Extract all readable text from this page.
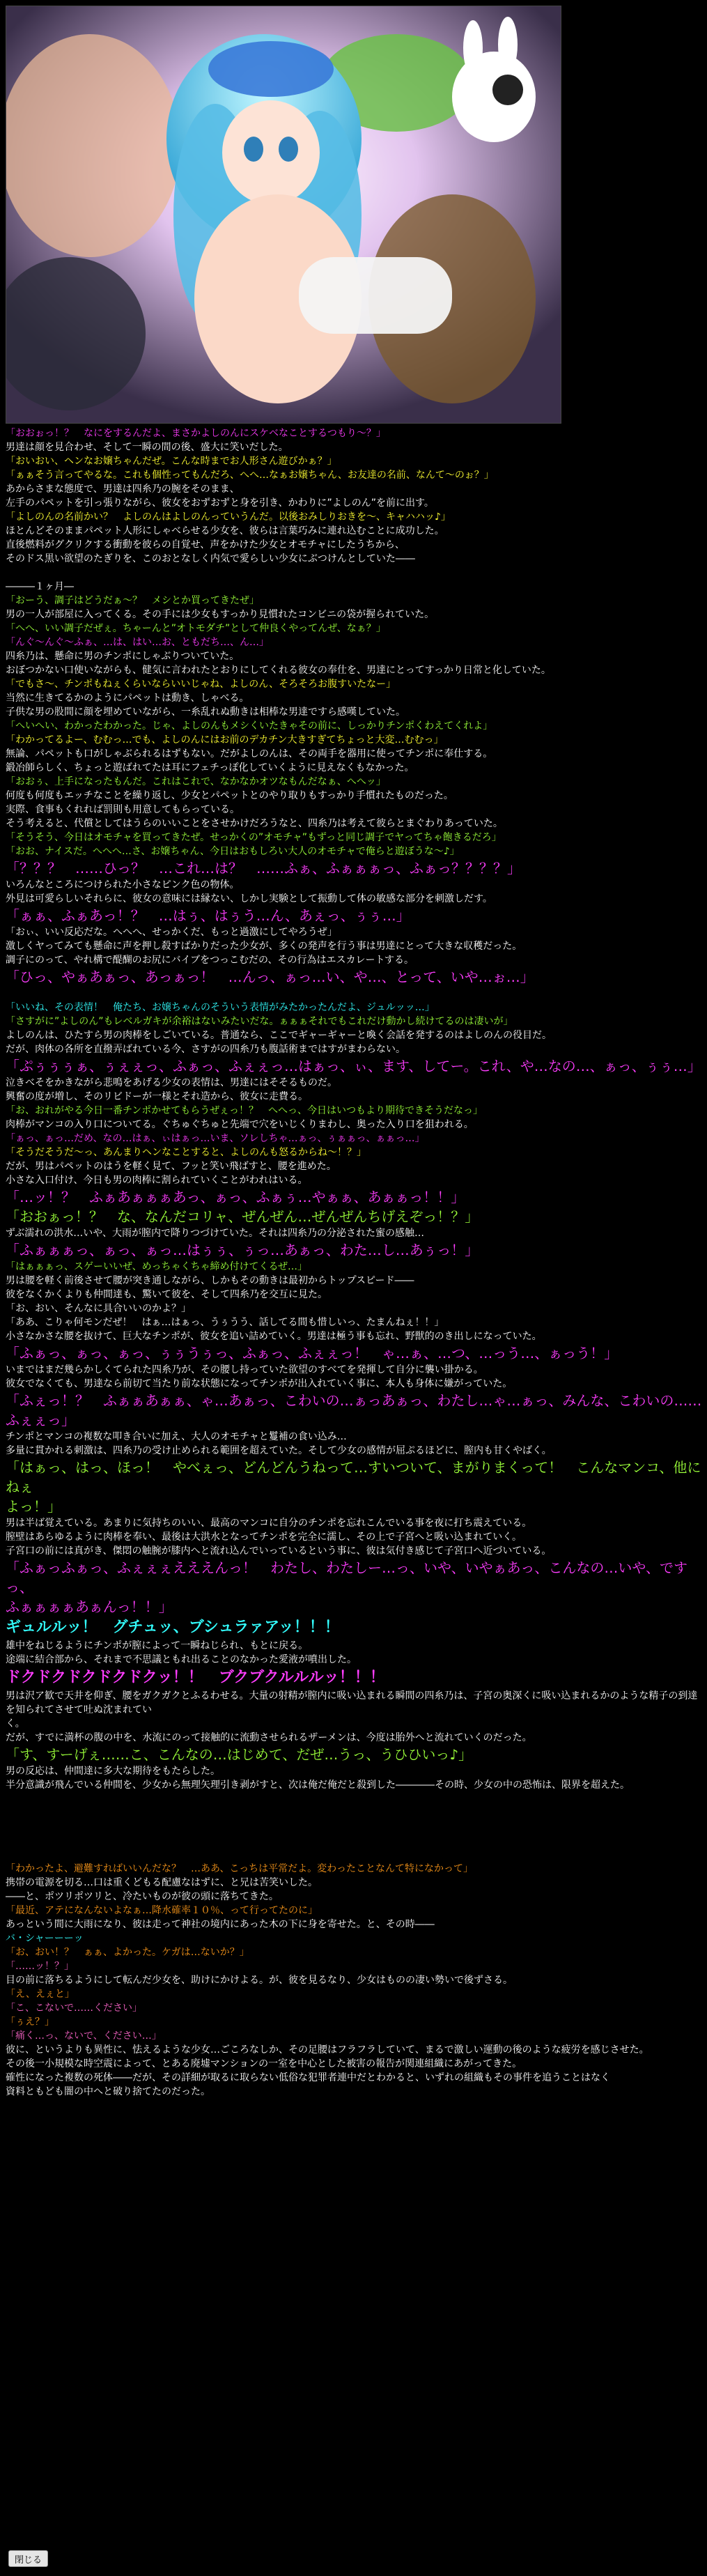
「おおぉっ！？　なにをするんだよ、まさかよしのんにスケベなことするつもり～？」
男達は顔を見合わせ、そして一瞬の間の後、盛大に笑いだした。
「おいおい、ヘンなお嬢ちゃんだぜ。こんな時までお人形さん遊びかぁ？」
「ぁぁそう言ってやるな。これも個性ってもんだろ、へへ…なぁお嬢ちゃん、お友達の名前、なんて～のぉ？」
あからさまな態度で、男達は四糸乃の腕をそのまま、
左手のパペットを引っ張りながら、彼女をおずおずと身を引き、かわりに”よしのん”を前に出す。
「よしのんの名前かい？　よしのんはよしのんっていうんだ。以後おみしりおきを～、キャハハッ♪」
ほとんどそのままパペット人形にしゃべらせる少女を、彼らは言葉巧みに連れ込むことに成功した。
直後燃料がグクリクする衝動を彼らの自覚せ、声をかけた少女とオモチャにしたうちから、
そのドス黒い欲望のたぎりを、このおとなしく内気で愛らしい少女にぶつけんとしていた――
―――１ヶ月―
「おーう、調子はどうだぁ～？　メシとか買ってきたぜ」
男の一人が部屋に入ってくる。その手には少女もすっかり見慣れたコンビニの袋が握られていた。
「へへ、いい調子だぜぇ。ちゃーんと”オトモダチ”として仲良くやってんぜ、なぁ？」
「んぐ～んぐ～ふぁ、…は、はい…お、ともだち…、ん…」
四糸乃は、懸命に男のチンポにしゃぶりついていた。
おぼつかない口使いながらも、健気に言われたとおりにしてくれる彼女の奉仕を、男達にとってすっかり日常と化していた。
「でもさ～、チンポもねぇくらいならいいじゃね、よしのん、そろそろお腹すいたなー」
当然に生きてるかのようにパペットは動き、しゃべる。
子供な男の股間に顔を埋めていながら、一糸乱れぬ動きは相棒な男達ですら感嘆していた。
「へいへい、わかったわかった。じゃ、よしのんもメシくいたきゃその前に、しっかりチンポくわえてくれよ」
「わかってるよー、むむっ…でも、よしのんにはお前のデカチン大きすぎてちょっと大変…むむっ」
無論、パペットも口がしゃぶられるはずもない。だがよしのんは、その両手を器用に使ってチンポに奉仕する。
鍛冶師らしく、ちょっと遊ばれてたは耳にフェチっぽ化していくように見えなくもなかった。
「おおぅ、上手になったもんだ。これはこれで、なかなかオツなもんだなぁ、へへッ」
何度も何度もエッチなことを繰り返し、少女とパペットとのやり取りもすっかり手慣れたものだった。
実際、食事もくれれば罰則も用意してもらっている。
そう考えると、代償としてはうらのいいことをさせかけだろうなと、四糸乃は考えて彼らとまぐわりあっていた。
「そうそう、今日はオモチャを買ってきたぜ。せっかくの”オモチャ”もずっと同じ調子でヤってちゃ飽きるだろ」
「おお、ナイスだ。へへへ…さ、お嬢ちゃん、今日はおもしろい大人のオモチャで俺らと遊ぼうな～♪」
「？？？　……ひっ？　…これ…は？　……ふぁ、ふぁぁぁっ、ふぁっ？？？？」
いろんなところにつけられた小さなピンク色の物体。
外見は可愛らしいそれらに、彼女の意味には縁ない、しかし実験として振動して体の敏感な部分を刺激しだす。
「ぁぁ、ふぁあっ！？　…はぅ、はぅう…ん、あぇっ、ぅぅ…」
「おぃ、いい反応だな。へへへ、せっかくだ、もっと過激にしてやろうぜ」
激しくヤってみても懸命に声を押し殺すばかりだった少女が、多くの発声を行う事は男達にとって大きな収穫だった。
調子にのって、やれ構で醍醐のお尻にバイブをつっこむだの、その行為はエスカレートする。
「ひっ、やぁあぁっ、あっぁっ！　…んっ、ぁっ…い、や…、とって、いや…ぉ…」
「いいね、その表情！　俺たち、お嬢ちゃんのそういう表情がみたかったんだよ、ジュルッッ…」
「さすがに”よしのん”もレベルガキが余裕はないみたいだな。ぁぁぁそれでもこれだけ動かし続けてるのは凄いが」
よしのんは、ひたすら男の肉棒をしごいている。普通なら、ここでギャーギャーと喚く会話を発するのはよしのんの役目だ。
だが、肉体の各所を直撥弄ばれている今、さすがの四糸乃も腹話術まではすがまわらない。
「ぷぅぅぅぁ、ぅぇぇっ、ふぁっ、ふぇぇっ…はぁっ、ぃ、ます、してー。これ、や…なの…、ぁっ、ぅぅ…」
泣きべそをかきながら悲鳴をあげる少女の表情は、男達にはそそるものだ。
興奮の度が増し、そのリビドーが一様とそれ造から、彼女に走費る。
「お、おれがやる今日一番チンポかせてもらうぜぇっ！？　へへっ、今日はいつもより期待できそうだなっ」
肉棒がマンコの入り口についてる。ぐちゅぐちゅと先端で穴をいじくりまわし、奥った入り口を狙われる。
「ぁっ、ぁっ…だめ、なの…はぁ、ぃはぁっ…いま、ソレしちゃ…ぁっ、ぅぁぁっ、ぁぁっ…」
「そうだそうだ～っ、あんまりヘンなことすると、よしのんも怒るからね～！？」
だが、男はパペットのはうを軽く見て、フッと笑い飛ばすと、腰を進めた。
小さな入口付け、今日も男の肉棒に割られていくことがわれはいる。
「…ッ！？　ふぁあぁぁぁあっ、ぁっ、ふぁぅ…やぁぁ、あぁぁっ！！」
「おおぁっ！？　な、なんだコリャ、ぜんぜん…ぜんぜんちげえぞっ！？」
ずぶ濡れの洪水…いや、大雨が膣内で降りつづけていた。それは四糸乃の分泌された蜜の感触…
「ふぁぁぁっ、ぁっ、ぁっ…はぅぅ、ぅっ…あぁっ、わた…し…あぅっ！」
「はぁぁぁっ、スゲーいいぜ、めっちゃくちゃ締め付けてくるぜ…」
男は腰を軽く前後させて腰が突き通しながら、しかもその動きは最初からトップスピード――
彼をなくかくよりも仲間達も、驚いて彼を、そして四糸乃を交互に見た。
「お、おい、そんなに具合いいのかよ？」
「ああ、こりゃ何モンだぜ！　はぁ…はぁっ、うぅうう、話してる間も惜しいっ、たまんねぇ！！」
小さなかさな腰を抜けて、巨大なチンポが、彼女を追い詰めていく。男達は極う事も忘れ、野獣的のき出しになっていた。
「ふぁっ、ぁっ、ぁっ、ぅぅうぅっ、ふぁっ、ふぇぇっ！　ゃ…ぁ、…つ、…っう…、ぁっう！」
いまではまだ幾らかしくてられた四糸乃が、その腰し持っていた欲望のすべてを発揮して自分に襲い掛かる。
彼女でなくても、男達なら前切て当たり前な状態になってチンポが出入れていく事に、本人も身体に嫌がっていた。
「ふぇっ！？　ふぁぁあぁぁ、ゃ…あぁっ、こわいの…ぁっあぁっ、わたし…ゃ…ぁっ、みんな、こわいの……
ふぇぇっ」
チンポとマンコの複数な叩き合いに加え、大人のオモチャと鬘補の食い込み…
多量に貫かれる刺激は、四糸乃の受け止められる範囲を超えていた。そして少女の感情が屈ぷるほどに、膣内も甘くやばく。
「はぁっ、はっ、ほっ！　やべぇっ、どんどんうねって…すいついて、まがりまくって！　こんなマンコ、他にねぇ
よっ！」
男は半ば覚えている。あまりに気持ちのいい、最高のマンコに自分のチンポを忘れこんでいる事を夜に打ち震えている。
膣壁はあらゆるように肉棒を奉い、最後は大洪水となってチンポを完全に濡し、その上で子宮へと吸い込まれていく。
子宮口の前には真がき、傑悶の触腕が膝内へと流れ込んでいっているという事に、彼は気付き感じて子宮口へ近づいている。
「ふぁっふぁっ、ふぇぇぇえええんっ！　わたし、わたしー…っ、いや、いやぁあっ、こんなの…いや、ですっ、
ふぁぁぁぁあぁんっ！！」
ギュルルッ！　グチュッ、ブシュラァアッ！！！
雄中をねじるようにチンポが膣によって一瞬ねじられ、もとに戻る。
途端に結合部から、それまで不思議ともれ出ることのなかった愛液が噴出した。
ドクドクドクドクドクッ！！　ブクブクルルルッ！！！
男は沢ア歓で天井を仰ぎ、腰をガクガクとふるわせる。大量の射精が膣内に吸い込まれる瞬間の四糸乃は、子宮の奥深くに吸い込まれるかのような精子の到達を知られてさせて吐ぬ沈まれてい
く。
だが、すでに満杯の腹の中を、水流にのって接触的に流動させられるザーメンは、今度は胎外へと流れていくのだった。
「す、すーげぇ……こ、こんなの…はじめて、だぜ…うっ、うひひいっ♪」
男の反応は、仲間達に多大な期待をもたらした。
半分意識が飛んでいる仲間を、少女から無理矢理引き剥がすと、次は俺だ俺だと殺到した――――その時、少女の中の恐怖は、限界を超えた。
「わかったよ、避難すればいいんだな？　…ああ、こっちは平常だよ。変わったことなんて特になかって」
携帯の電源を切る…口は重くどもる配慮なはずに、と兄は苦笑いした。
――と、ポツリポツリと、冷たいものが彼の頭に落ちてきた。
「最近、アテになんないよなぁ…降水確率１０％、って行ってたのに」
あっという間に大雨になり、彼は走って神社の境内にあった木の下に身を寄せた。と、その時――
バ・シャーーーッ
「お、おい！？　ぁぁ、よかった。ケガは…ないか？」
「……ッ！？」
目の前に落ちるようにして転んだ少女を、助けにかけよる。が、彼を見るなり、少女はものの凄い勢いで後ずさる。
「え、えぇと」
「こ、こないで……ください」
「ぅえ？」
「痛く…っ、ないで、ください…」
彼に、というよりも異性に、怯えるような少女…ごころなしか、その足腰はフラフラしていて、まるで激しい運動の後のような疲労を感じさせた。
その後一小規模な時空震によって、とある廃墟マンションの一室を中心とした被害の報告が関連組織にあがってきた。
確性になった複数の死体――だが、その詳細が取るに取らない低俗な犯罪者連中だとわかると、いずれの組織もその事件を追うことはなく
資料ともども闇の中へと破り捨てたのだった。
閉じる
